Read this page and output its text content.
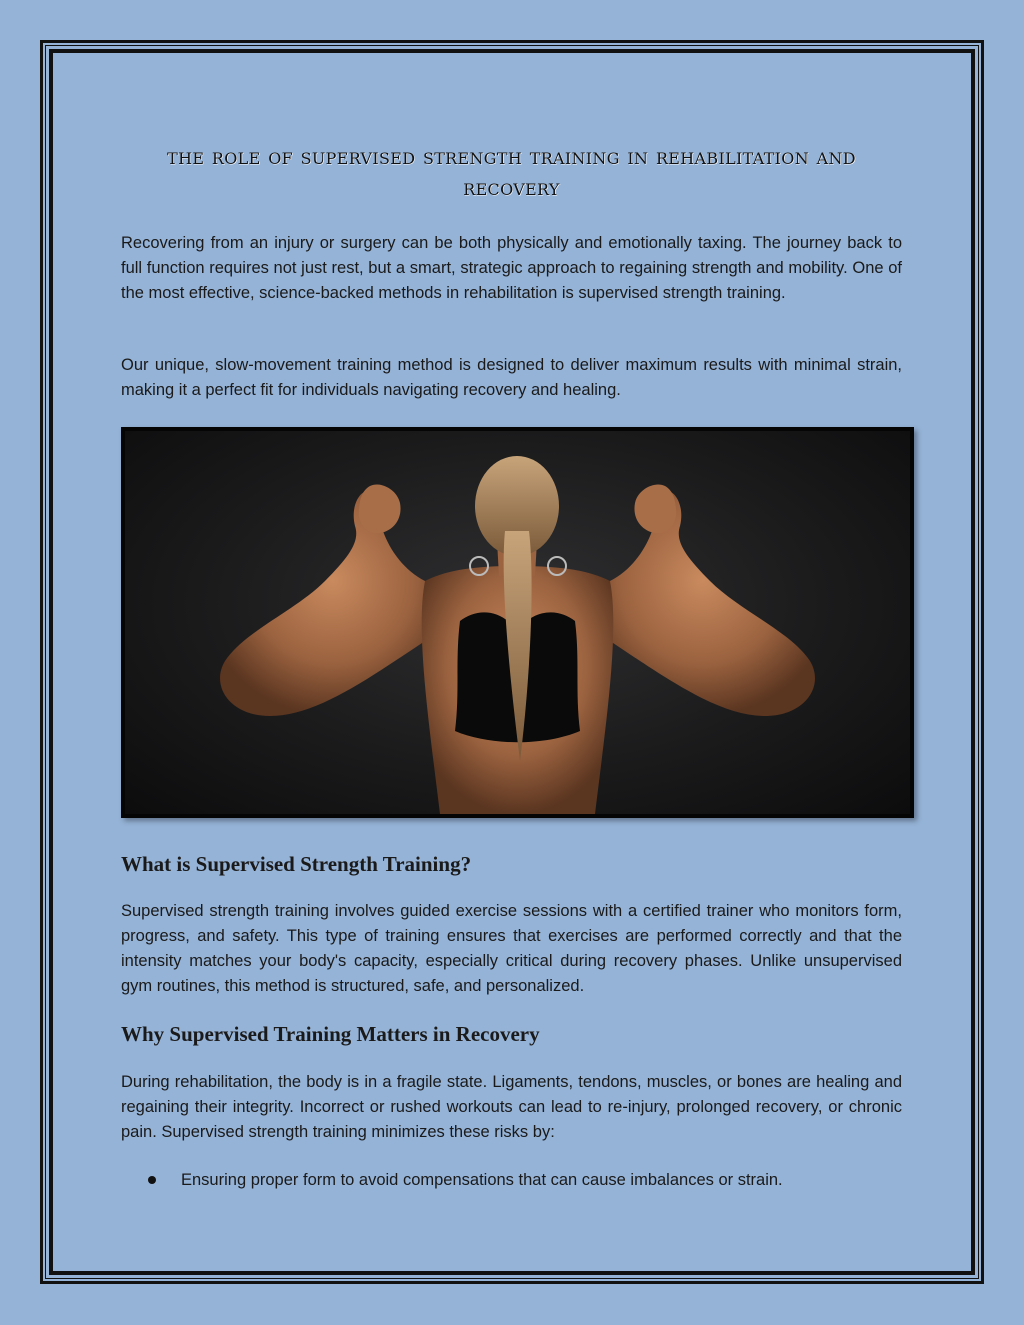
the role of supervised strength training in rehabilitation and recovery

Recovering from an injury or surgery can be both physically and emotionally taxing. The journey back to full function requires not just rest, but a smart, strategic approach to regaining strength and mobility. One of the most effective, science-backed methods in rehabilitation is supervised strength training.

Our unique, slow-movement training method is designed to deliver maximum results with minimal strain, making it a perfect fit for individuals navigating recovery and healing.

What is Supervised Strength Training?

Supervised strength training involves guided exercise sessions with a certified trainer who monitors form, progress, and safety. This type of training ensures that exercises are performed correctly and that the intensity matches your body's capacity, especially critical during recovery phases. Unlike unsupervised gym routines, this method is structured, safe, and personalized.

Why Supervised Training Matters in Recovery

During rehabilitation, the body is in a fragile state. Ligaments, tendons, muscles, or bones are healing and regaining their integrity. Incorrect or rushed workouts can lead to re-injury, prolonged recovery, or chronic pain. Supervised strength training minimizes these risks by:

Ensuring proper form to avoid compensations that can cause imbalances or strain.
